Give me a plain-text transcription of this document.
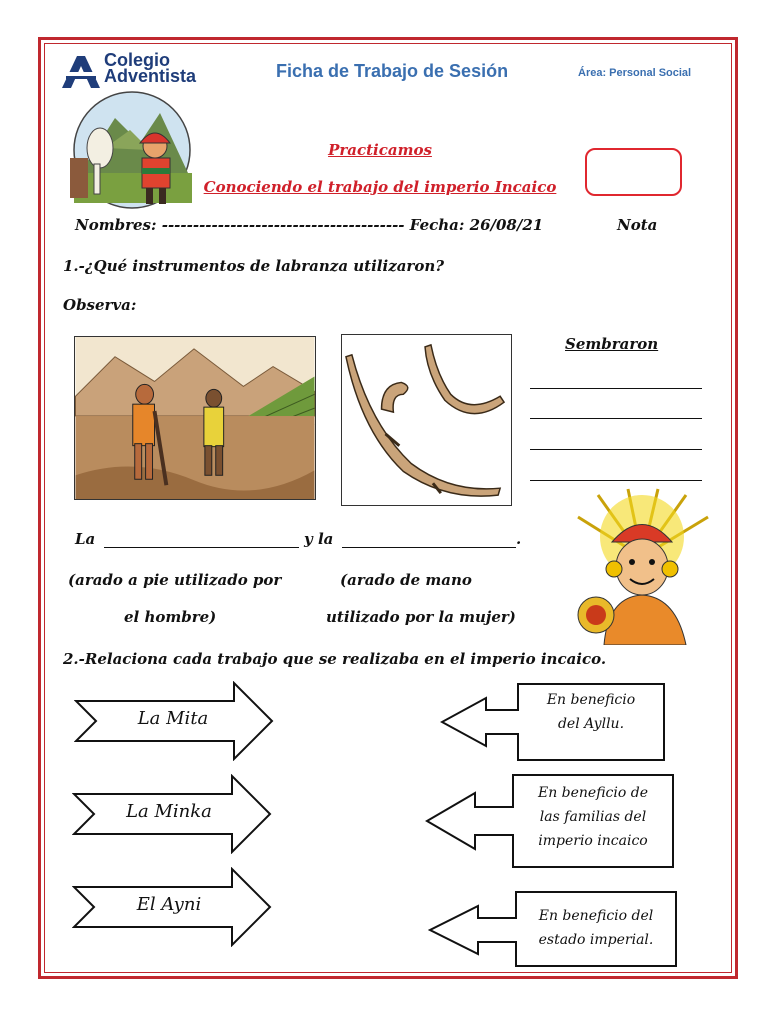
Colegio
Adventista	Ficha de Trabajo de Sesión	Área: Personal Social
Practicamos
Conociendo el trabajo del imperio Incaico
Nombres: --------------------------------------- Fecha: 26/08/21	Nota
1.-¿Qué instrumentos de labranza utilizaron?
Observa:
Sembraron
La	y la	.
(arado a pie utilizado por
el hombre)
(arado de mano
utilizado por la mujer)
2.-Relaciona cada trabajo que se realizaba en el imperio incaico.
La Mita
La Minka
El Ayni
En beneficio
del Ayllu.
En beneficio de
las familias del
imperio incaico
En beneficio del
estado imperial.
